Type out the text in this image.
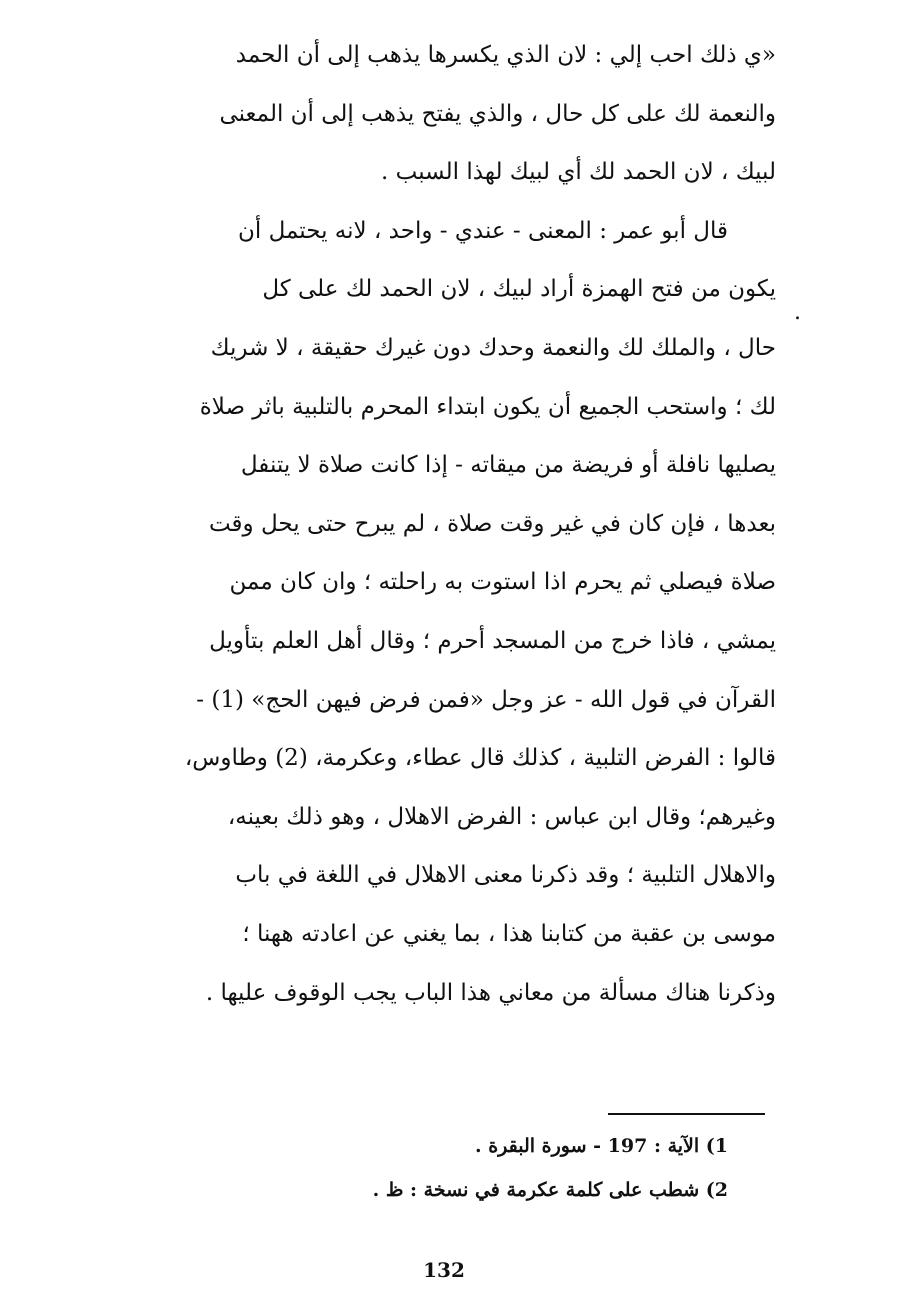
«ي ذلك احب إلي : لان الذي يكسرها يذهب إلى أن الحمد
والنعمة لك على كل حال ، والذي يفتح يذهب إلى أن المعنى
لبيك ، لان الحمد لك أي لبيك لهذا السبب .
قال أبو عمر : المعنى - عندي - واحد ، لانه يحتمل أن
يكون من فتح الهمزة أراد لبيك ، لان الحمد لك على كل
حال ، والملك لك والنعمة وحدك دون غيرك حقيقة ، لا شريك
لك ؛ واستحب الجميع أن يكون ابتداء المحرم بالتلبية باثر صلاة
يصليها نافلة أو فريضة من ميقاته - إذا كانت صلاة لا يتنفل
بعدها ، فإن كان في غير وقت صلاة ، لم يبرح حتى يحل وقت
صلاة فيصلي ثم يحرم اذا استوت به راحلته ؛ وان كان ممن
يمشي ، فاذا خرج من المسجد أحرم ؛ وقال أهل العلم بتأويل
القرآن في قول الله - عز وجل «فمن فرض فيهن الحج» (1) -
قالوا : الفرض التلبية ، كذلك قال عطاء، وعكرمة، (2) وطاوس،
وغيرهم؛ وقال ابن عباس : الفرض الاهلال ، وهو ذلك بعينه،
والاهلال التلبية ؛ وقد ذكرنا معنى الاهلال في اللغة في باب
موسى بن عقبة من كتابنا هذا ، بما يغني عن اعادته ههنا ؛
وذكرنا هناك مسألة من معاني هذا الباب يجب الوقوف عليها .
.
1) الآية : 197 - سورة البقرة .
2) شطب على كلمة عكرمة في نسخة : ظ .
132
